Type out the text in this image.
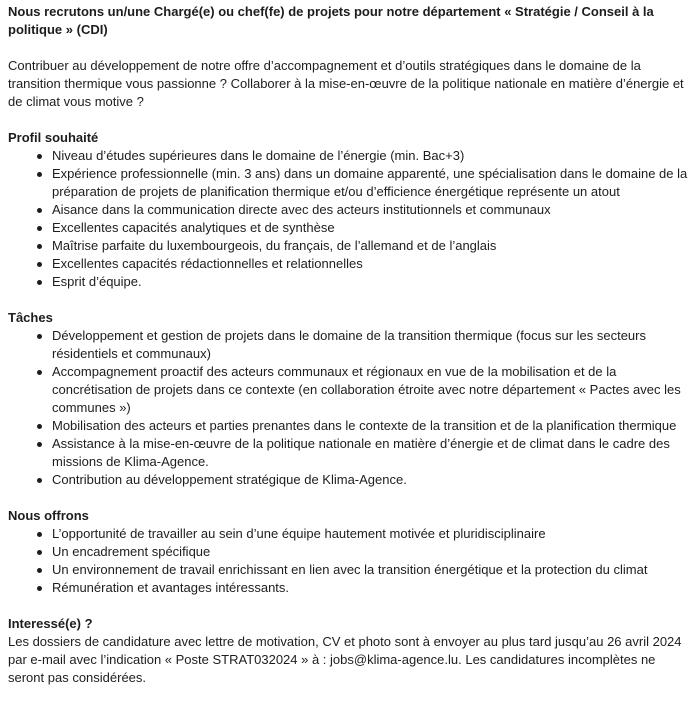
Nous recrutons un/une Chargé(e) ou chef(fe) de projets pour notre département « Stratégie / Conseil à la politique » (CDI)

Contribuer au développement de notre offre d’accompagnement et d’outils stratégiques dans le domaine de la transition thermique vous passionne ? Collaborer à la mise-en-œuvre de la politique nationale en matière d’énergie et de climat vous motive ?

Profil souhaité

Niveau d’études supérieures dans le domaine de l’énergie (min. Bac+3)
Expérience professionnelle (min. 3 ans) dans un domaine apparenté, une spécialisation dans le domaine de la préparation de projets de planification thermique et/ou d’efficience énergétique représente un atout
Aisance dans la communication directe avec des acteurs institutionnels et communaux
Excellentes capacités analytiques et de synthèse
Maîtrise parfaite du luxembourgeois, du français, de l’allemand et de l’anglais
Excellentes capacités rédactionnelles et relationnelles
Esprit d’équipe.

Tâches

Développement et gestion de projets dans le domaine de la transition thermique (focus sur les secteurs résidentiels et communaux)
Accompagnement proactif des acteurs communaux et régionaux en vue de la mobilisation et de la concrétisation de projets dans ce contexte (en collaboration étroite avec notre département « Pactes avec les communes »)
Mobilisation des acteurs et parties prenantes dans le contexte de la transition et de la planification thermique
Assistance à la mise-en-œuvre de la politique nationale en matière d’énergie et de climat dans le cadre des missions de Klima-Agence.
Contribution au développement stratégique de Klima-Agence.

Nous offrons

L’opportunité de travailler au sein d’une équipe hautement motivée et pluridisciplinaire
Un encadrement spécifique
Un environnement de travail enrichissant en lien avec la transition énergétique et la protection du climat
Rémunération et avantages intéressants.

Interessé(e) ?

Les dossiers de candidature avec lettre de motivation, CV et photo sont à envoyer au plus tard jusqu’au 26 avril 2024 par e-mail avec l’indication « Poste STRAT032024 » à : jobs@klima-agence.lu. Les candidatures incomplètes ne seront pas considérées.
